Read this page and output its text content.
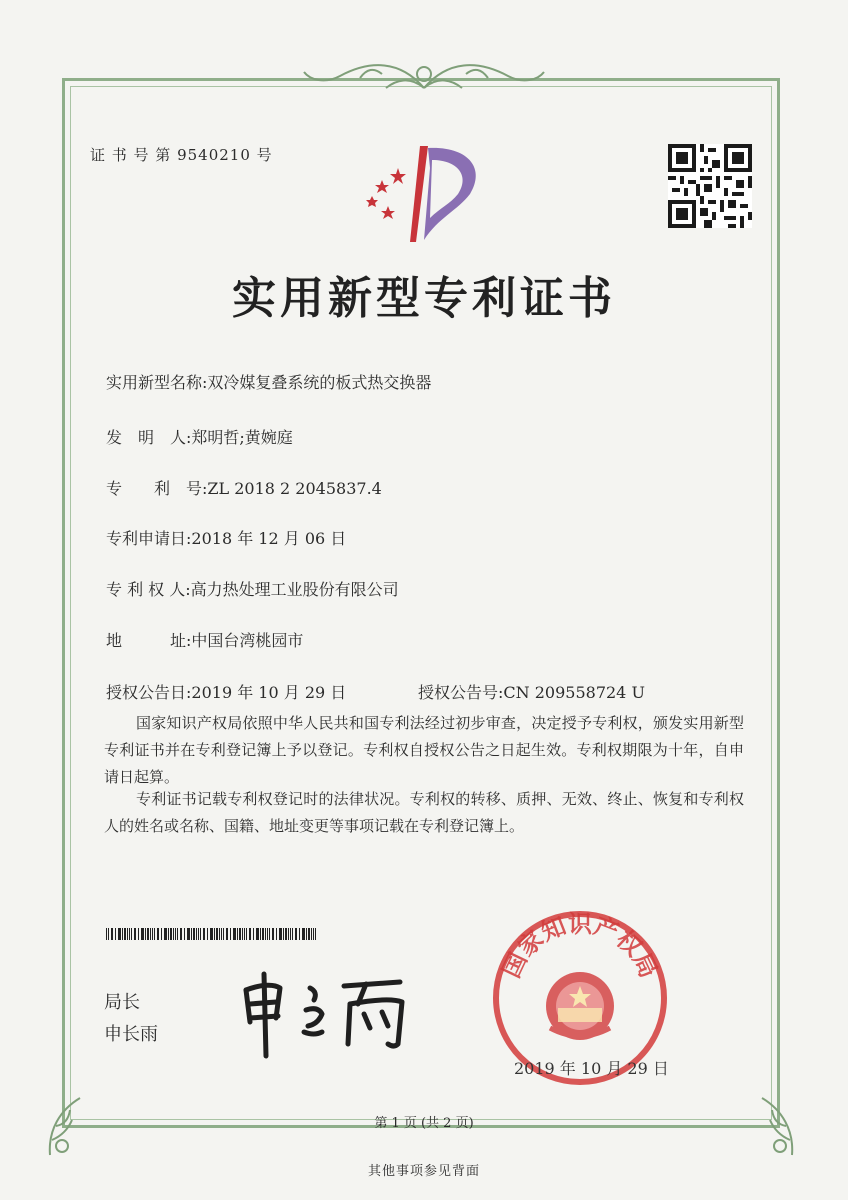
证 书 号 第 9540210 号
实用新型专利证书
实用新型名称:双冷媒复叠系统的板式热交换器
发　明　人:郑明哲;黄婉庭
专　　利　号:ZL 2018 2 2045837.4
专利申请日:2018 年 12 月 06 日
专 利 权 人:高力热处理工业股份有限公司
地　　　址:中国台湾桃园市
授权公告日:2019 年 10 月 29 日	授权公告号:CN 209558724 U
国家知识产权局依照中华人民共和国专利法经过初步审查，决定授予专利权，颁发实用新型专利证书并在专利登记簿上予以登记。专利权自授权公告之日起生效。专利权期限为十年，自申请日起算。
专利证书记载专利权登记时的法律状况。专利权的转移、质押、无效、终止、恢复和专利权人的姓名或名称、国籍、地址变更等事项记载在专利登记簿上。
局长
申长雨
国家知识产权局
2019 年 10 月 29 日
第 1 页 (共 2 页)
其他事项参见背面
